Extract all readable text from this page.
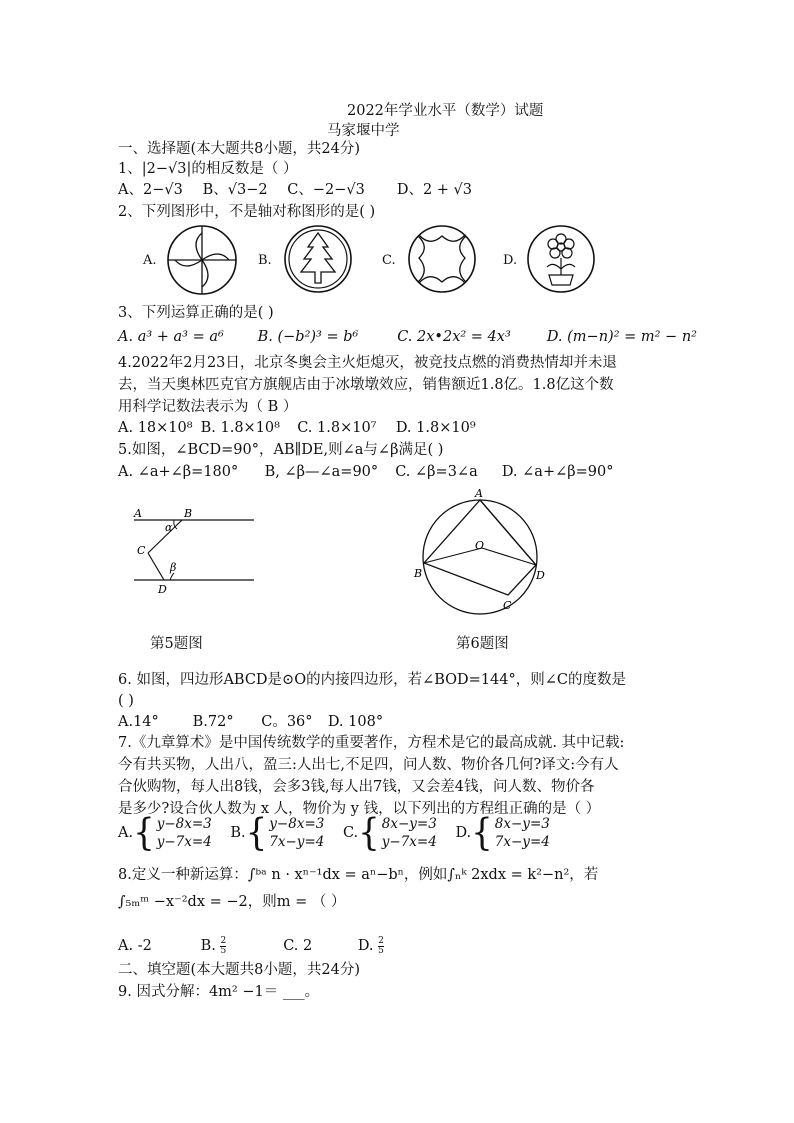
2022年学业水平（数学）试题
马家堰中学
一、选择题(本大题共8小题，共24分)
1、|2−√3|的相反数是（ ）
A、2−√3 B、√3−2 C、−2−√3 D、2 + √3
2、下列图形中，不是轴对称图形的是( )
A.	B.	C.	D.
3、下列运算正确的是( )
A. a³ + a³ = a⁶ B. (−b²)³ = b⁶	C. 2x•2x² = 4x³ D. (m−n)² = m² − n²
4.2022年2月23日，北京冬奥会主火炬熄灭，被竞技点燃的消费热情却并未退
去，当天奥林匹克官方旗舰店由于冰墩墩效应，销售额近1.8亿。1.8亿这个数
用科学记数法表示为（ B ）
A. 18×10⁸ B. 1.8×10⁸ C. 1.8×10⁷ D. 1.8×10⁹
5.如图，∠BCD=90°，AB∥DE,则∠a与∠β满足( )
A. ∠a+∠β=180° B, ∠β—∠a=90° C. ∠β=3∠a D. ∠a+∠β=90°
A	B
α
C
β
D
第5题图
A
O
B	D
C
第6题图
6. 如图，四边形ABCD是⊙O的内接四边形，若∠BOD=144°，则∠C的度数是
( )
A.14° B.72° C。36° D. 108°
7.《九章算术》是中国传统数学的重要著作，方程术是它的最高成就. 其中记载:
今有共买物，人出八，盈三:人出七,不足四，问人数、物价各几何?译文:今有人
合伙购物，每人出8钱，会多3钱,每人出7钱，又会差4钱，问人数、物价各
是多少?设合伙人数为 x 人，物价为 y 钱，以下列出的方程组正确的是（ ）
A. { y−8x=3
y−7x=4

B. { y−8x=3
7x−y=4

C. { 8x−y=3
y−7x=4

D. { 8x−y=3
7x−y=4
8.定义一种新运算：∫ᵇᵃ n · xⁿ⁻¹dx = aⁿ−bⁿ，例如∫ₙᵏ 2xdx = k²−n²，若
∫₅ₘᵐ −x⁻²dx = −2，则m = （ ）
A. -2	B. $\frac{2}{5}$	C. 2	D. $\frac{2}{5}$
二、填空题(本大题共8小题，共24分)
9. 因式分解：4m² −1＝ ___。
